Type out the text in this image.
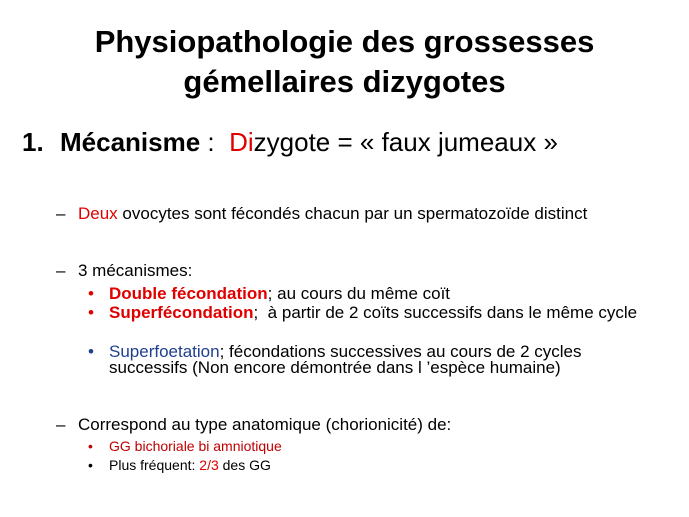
Physiopathologie des grossesses
gémellaires dizygotes
1. Mécanisme :  Dizygote = « faux jumeaux »
– Deux ovocytes sont fécondés chacun par un spermatozoïde distinct
– 3 mécanismes:
• Double fécondation; au cours du même coït
• Superfécondation;  à partir de 2 coïts successifs dans le même cycle
• Superfoetation; fécondations successives au cours de 2 cycles successifs (Non encore démontrée dans l ’espèce humaine)
– Correspond au type anatomique (chorionicité) de:
• GG bichoriale bi amniotique
• Plus fréquent: 2/3 des GG
